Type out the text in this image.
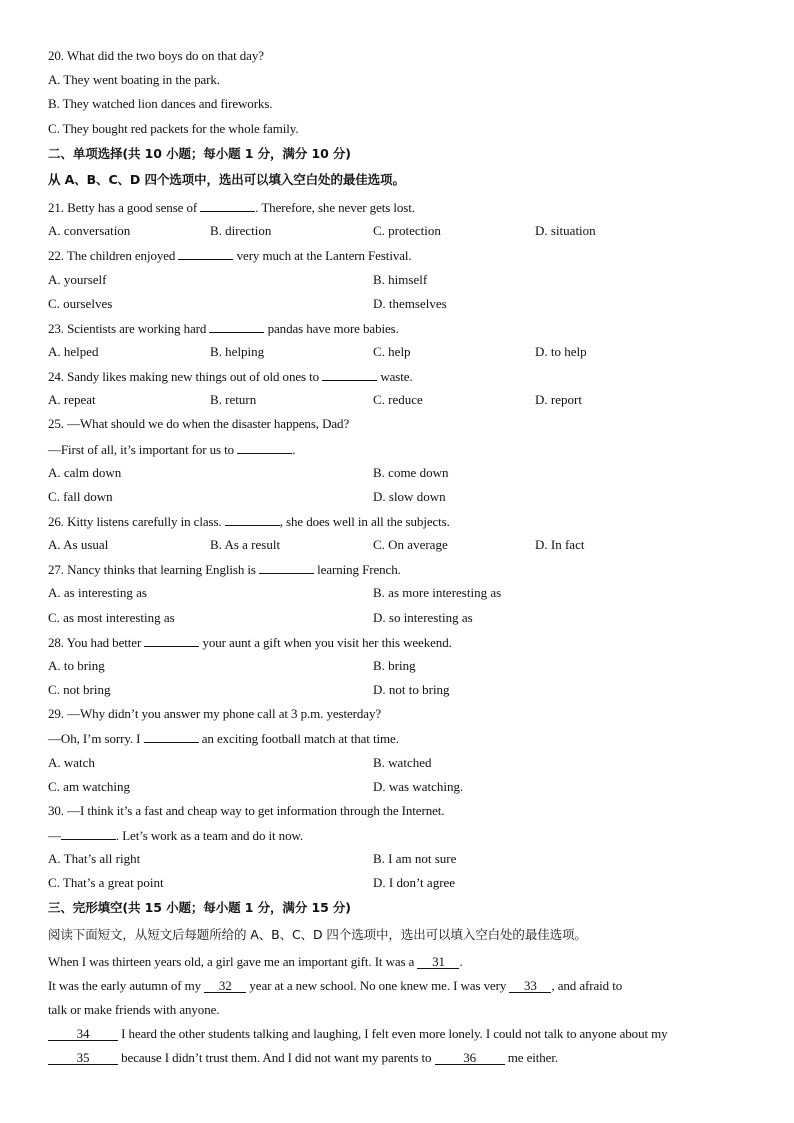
20. What did the two boys do on that day?
A. They went boating in the park.
B. They watched lion dances and fireworks.
C. They bought red packets for the whole family.
二、单项选择(共 10 小题；每小题 1 分，满分 10 分)
从 A、B、C、D 四个选项中，选出可以填入空白处的最佳选项。
21. Betty has a good sense of	. Therefore, she never gets lost.
A. conversation	B. direction	C. protection	D. situation
22. The children enjoyed	very much at the Lantern Festival.
A. yourself	B. himself
C. ourselves	D. themselves
23. Scientists are working hard	pandas have more babies.
A. helped	B. helping	C. help	D. to help
24. Sandy likes making new things out of old ones to	waste.
A. repeat	B. return	C. reduce	D. report
25. —What should we do when the disaster happens, Dad?
—First of all, it’s important for us to	.
A. calm down	B. come down
C. fall down	D. slow down
26. Kitty listens carefully in class.	, she does well in all the subjects.
A. As usual	B. As a result	C. On average	D. In fact
27. Nancy thinks that learning English is	learning French.
A. as interesting as	B. as more interesting as
C. as most interesting as	D. so interesting as
28. You had better	your aunt a gift when you visit her this weekend.
A. to bring	B. bring
C. not bring	D. not to bring
29. —Why didn’t you answer my phone call at 3 p.m. yesterday?
—Oh, I’m sorry. I	an exciting football match at that time.
A. watch	B. watched
C. am watching	D. was watching.
30. —I think it’s a fast and cheap way to get information through the Internet.
—	. Let’s work as a team and do it now.
A. That’s all right	B. I am not sure
C. That’s a great point	D. I don’t agree
三、完形填空(共 15 小题；每小题 1 分，满分 15 分)
阅读下面短文，从短文后每题所给的 A、B、C、D 四个选项中，选出可以填入空白处的最佳选项。
When I was thirteen years old, a girl gave me an important gift. It was a 31 .
It was the early autumn of my 32 year at a new school. No one knew me. I was very 33 , and afraid to
talk or make friends with anyone.
34 I heard the other students talking and laughing, I felt even more lonely. I could not talk to anyone about my
35 because I didn’t trust them. And I did not want my parents to 36 me either.
